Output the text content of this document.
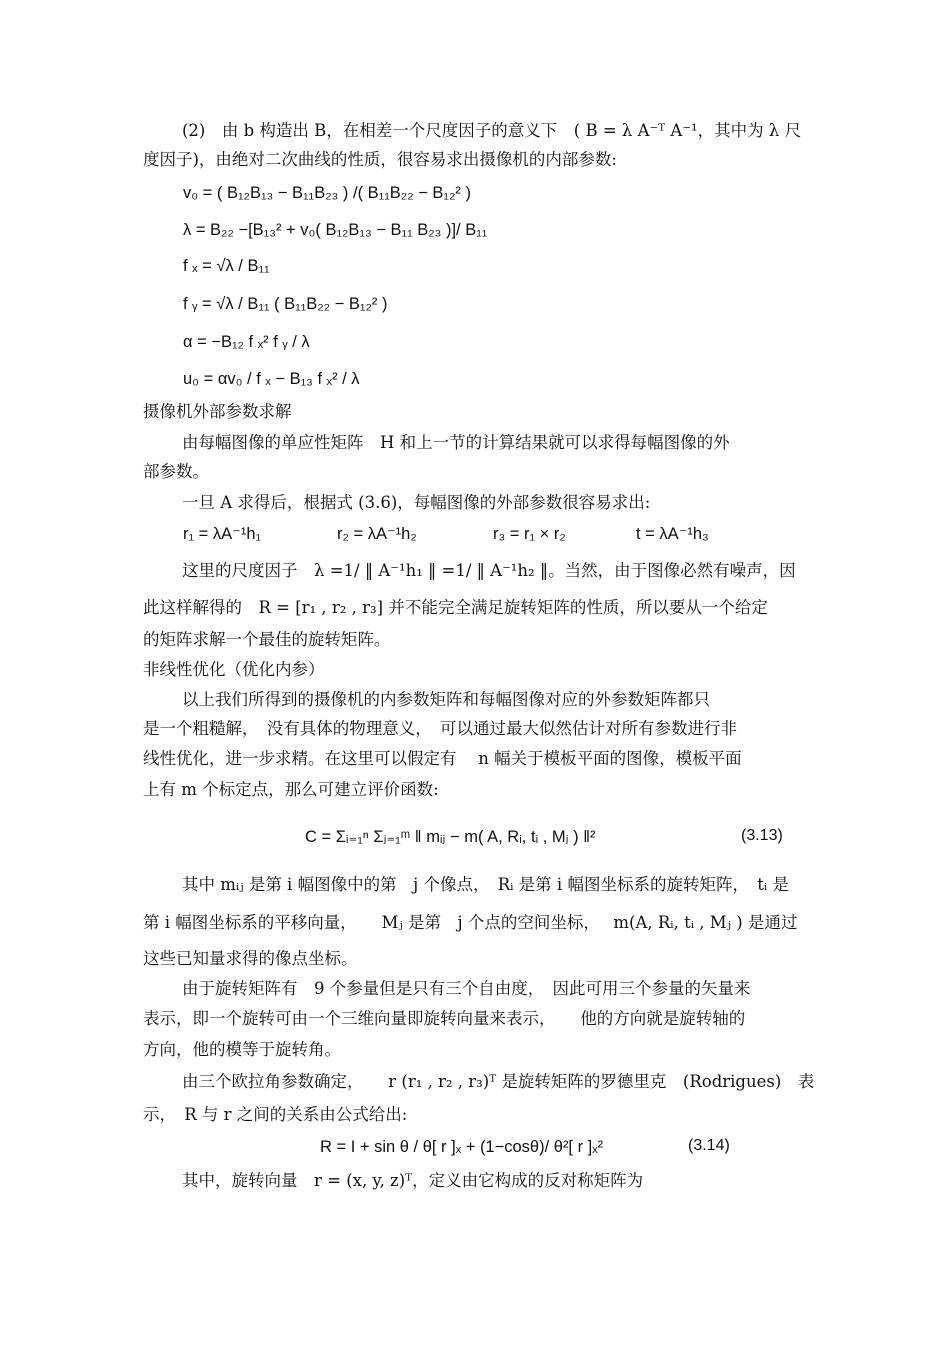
(2)　由 b 构造出 B，在相差一个尺度因子的意义下　( B = λ A⁻ᵀ A⁻¹，其中为 λ 尺
度因子)，由绝对二次曲线的性质，很容易求出摄像机的内部参数:
v₀ = ( B₁₂B₁₃ − B₁₁B₂₃ ) /( B₁₁B₂₂ − B₁₂² )
λ = B₂₂ −[B₁₃² + v₀( B₁₂B₁₃ − B₁₁ B₂₃ )]/ B₁₁
f ₓ = √λ / B₁₁
f ᵧ = √λ / B₁₁ ( B₁₁B₂₂ − B₁₂² )
α = −B₁₂ f ₓ² f ᵧ / λ
u₀ = αv₀ / f ₓ − B₁₃ f ₓ² / λ
摄像机外部参数求解
由每幅图像的单应性矩阵　H 和上一节的计算结果就可以求得每幅图像的外
部参数。
一旦 A 求得后，根据式 (3.6)，每幅图像的外部参数很容易求出:
r₁ = λA⁻¹h₁	r₂ = λA⁻¹h₂	r₃ = r₁ × r₂	t = λA⁻¹h₃
这里的尺度因子　λ =1/ ‖ A⁻¹h₁ ‖ =1/ ‖ A⁻¹h₂ ‖。当然，由于图像必然有噪声，因
此这样解得的　R = [r₁ , r₂ , r₃] 并不能完全满足旋转矩阵的性质，所以要从一个给定
的矩阵求解一个最佳的旋转矩阵。
非线性优化（优化内参）
以上我们所得到的摄像机的内参数矩阵和每幅图像对应的外参数矩阵都只
是一个粗糙解，　没有具体的物理意义，　可以通过最大似然估计对所有参数进行非
线性优化，进一步求精。在这里可以假定有　 n 幅关于模板平面的图像，模板平面
上有 m 个标定点，那么可建立评价函数:
C = Σᵢ₌₁ⁿ Σⱼ₌₁ᵐ ‖ mᵢⱼ − m( A, Rᵢ, tᵢ , Mⱼ ) ‖²	(3.13)
其中 mᵢⱼ 是第 i 幅图像中的第　j 个像点，　Rᵢ 是第 i 幅图坐标系的旋转矩阵，　tᵢ 是
第 i 幅图坐标系的平移向量，　　Mⱼ 是第　j 个点的空间坐标，　 m(A, Rᵢ, tᵢ , Mⱼ ) 是通过
这些已知量求得的像点坐标。
由于旋转矩阵有　9 个参量但是只有三个自由度，　因此可用三个参量的矢量来
表示，即一个旋转可由一个三维向量即旋转向量来表示，　　他的方向就是旋转轴的
方向，他的模等于旋转角。
由三个欧拉角参数确定，　　r (r₁ , r₂ , r₃)ᵀ 是旋转矩阵的罗德里克　(Rodrigues)　表
示，　R 与 r 之间的关系由公式给出:
R = I + sin θ / θ[ r ]ₓ + (1−cosθ)/ θ²[ r ]ₓ²	(3.14)
其中，旋转向量　r = (x, y, z)ᵀ，定义由它构成的反对称矩阵为
